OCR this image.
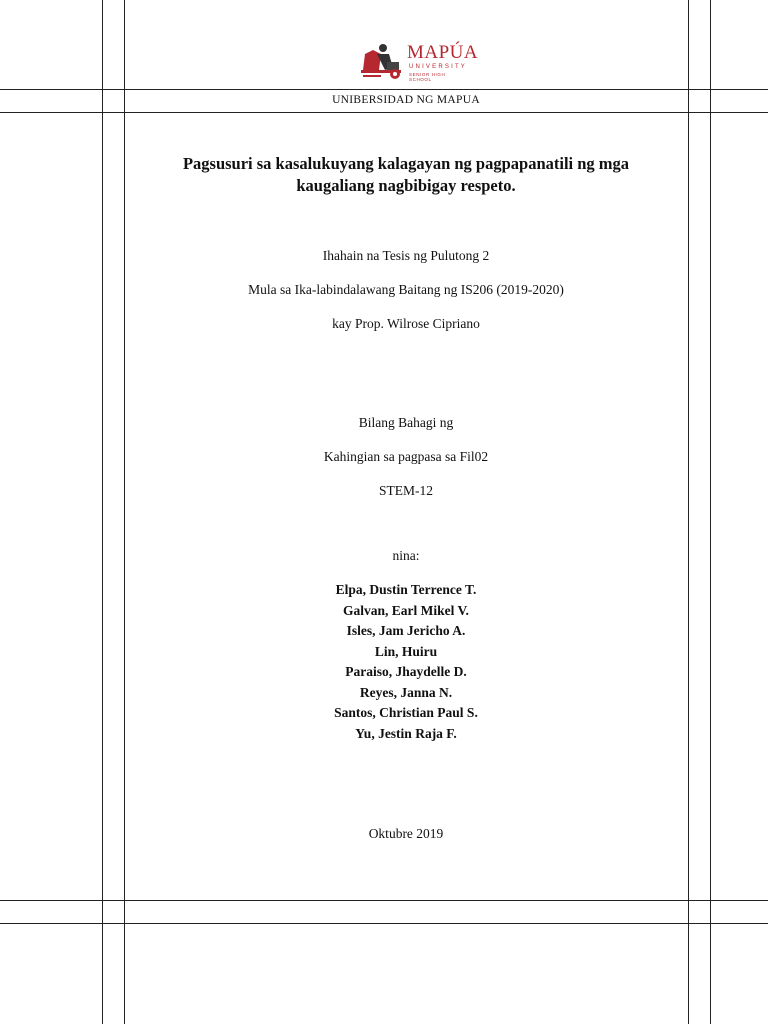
MAPÚA
UNIVERSITY
SENIOR HIGH SCHOOL
UNIBERSIDAD NG MAPUA
Pagsusuri sa kasalukuyang kalagayan ng pagpapanatili ng mga
kaugaliang nagbibigay respeto.
Ihahain na Tesis ng Pulutong 2
Mula sa Ika-labindalawang Baitang ng IS206 (2019-2020)
kay Prop. Wilrose Cipriano
Bilang Bahagi ng
Kahingian sa pagpasa sa Fil02
STEM-12
nina:
Elpa, Dustin Terrence T.
Galvan, Earl Mikel V.
Isles, Jam Jericho A.
Lin, Huiru
Paraiso, Jhaydelle D.
Reyes, Janna N.
Santos, Christian Paul S.
Yu, Jestin Raja F.
Oktubre 2019
